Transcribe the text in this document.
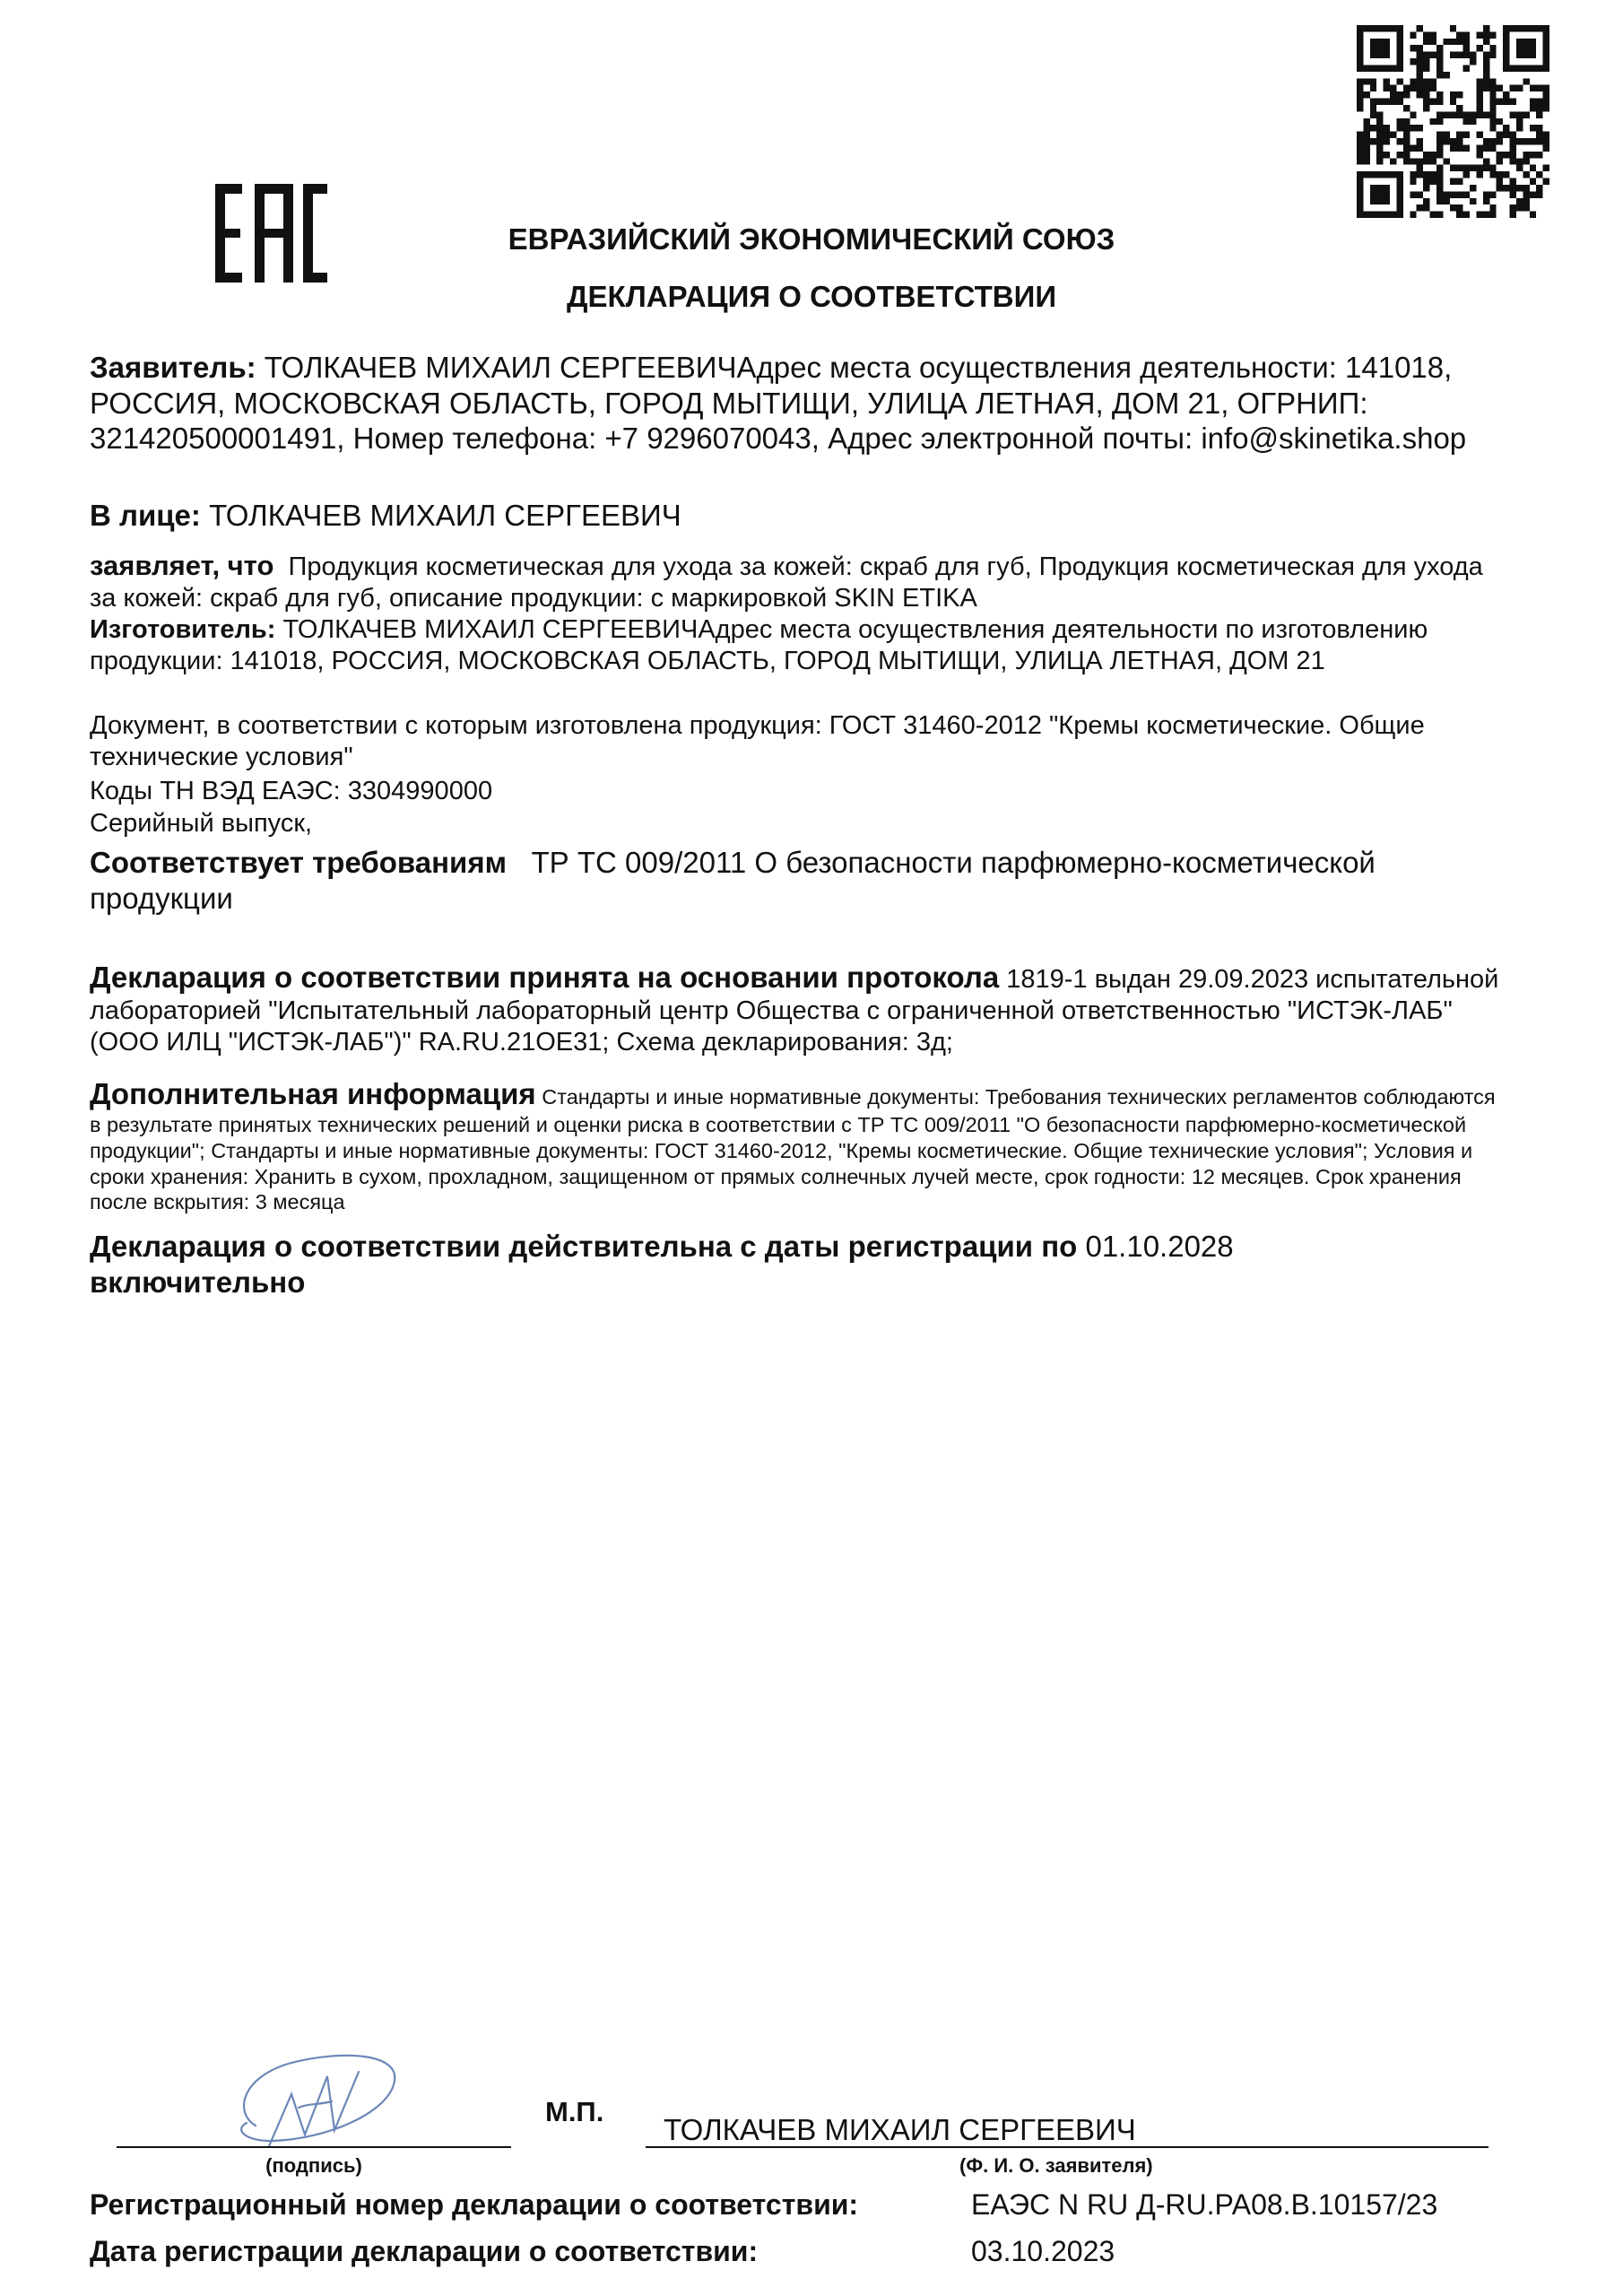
ЕВРАЗИЙСКИЙ ЭКОНОМИЧЕСКИЙ СОЮЗ
ДЕКЛАРАЦИЯ О СООТВЕТСТВИИ
Заявитель: ТОЛКАЧЕВ МИХАИЛ СЕРГЕЕВИЧАдрес места осуществления деятельности: 141018, РОССИЯ, МОСКОВСКАЯ ОБЛАСТЬ, ГОРОД МЫТИЩИ, УЛИЦА ЛЕТНАЯ, ДОМ 21, ОГРНИП: 321420500001491, Номер телефона: +7 9296070043, Адрес электронной почты: info@skinetika.shop
В лице: ТОЛКАЧЕВ МИХАИЛ СЕРГЕЕВИЧ
заявляет, что Продукция косметическая для ухода за кожей: скраб для губ, Продукция косметическая для ухода за кожей: скраб для губ, описание продукции: с маркировкой SKIN ETIKA
Изготовитель: ТОЛКАЧЕВ МИХАИЛ СЕРГЕЕВИЧАдрес места осуществления деятельности по изготовлению продукции: 141018, РОССИЯ, МОСКОВСКАЯ ОБЛАСТЬ, ГОРОД МЫТИЩИ, УЛИЦА ЛЕТНАЯ, ДОМ 21
Документ, в соответствии с которым изготовлена продукция: ГОСТ 31460-2012 "Кремы косметические. Общие технические условия"
Коды ТН ВЭД ЕАЭС: 3304990000
Серийный выпуск,
Соответствует требованиям ТР ТС 009/2011 О безопасности парфюмерно-косметической продукции
Декларация о соответствии принята на основании протокола 1819-1 выдан 29.09.2023 испытательной лабораторией "Испытательный лабораторный центр Общества с ограниченной ответственностью "ИСТЭК-ЛАБ" (ООО ИЛЦ "ИСТЭК-ЛАБ")" RA.RU.21ОЕ31; Схема декларирования: 3д;
Дополнительная информация Стандарты и иные нормативные документы: Требования технических регламентов соблюдаются в результате принятых технических решений и оценки риска в соответствии с ТР ТС 009/2011 "О безопасности парфюмерно-косметической продукции"; Стандарты и иные нормативные документы: ГОСТ 31460-2012, "Кремы косметические. Общие технические условия"; Условия и сроки хранения: Хранить в сухом, прохладном, защищенном от прямых солнечных лучей месте, срок годности: 12 месяцев. Срок хранения после вскрытия: 3 месяца
Декларация о соответствии действительна с даты регистрации по 01.10.2028
включительно
М.П.
(подпись)
ТОЛКАЧЕВ МИХАИЛ СЕРГЕЕВИЧ
(Ф. И. О. заявителя)
Регистрационный номер декларации о соответствии:	ЕАЭС N RU Д-RU.РА08.В.10157/23
Дата регистрации декларации о соответствии:	03.10.2023
